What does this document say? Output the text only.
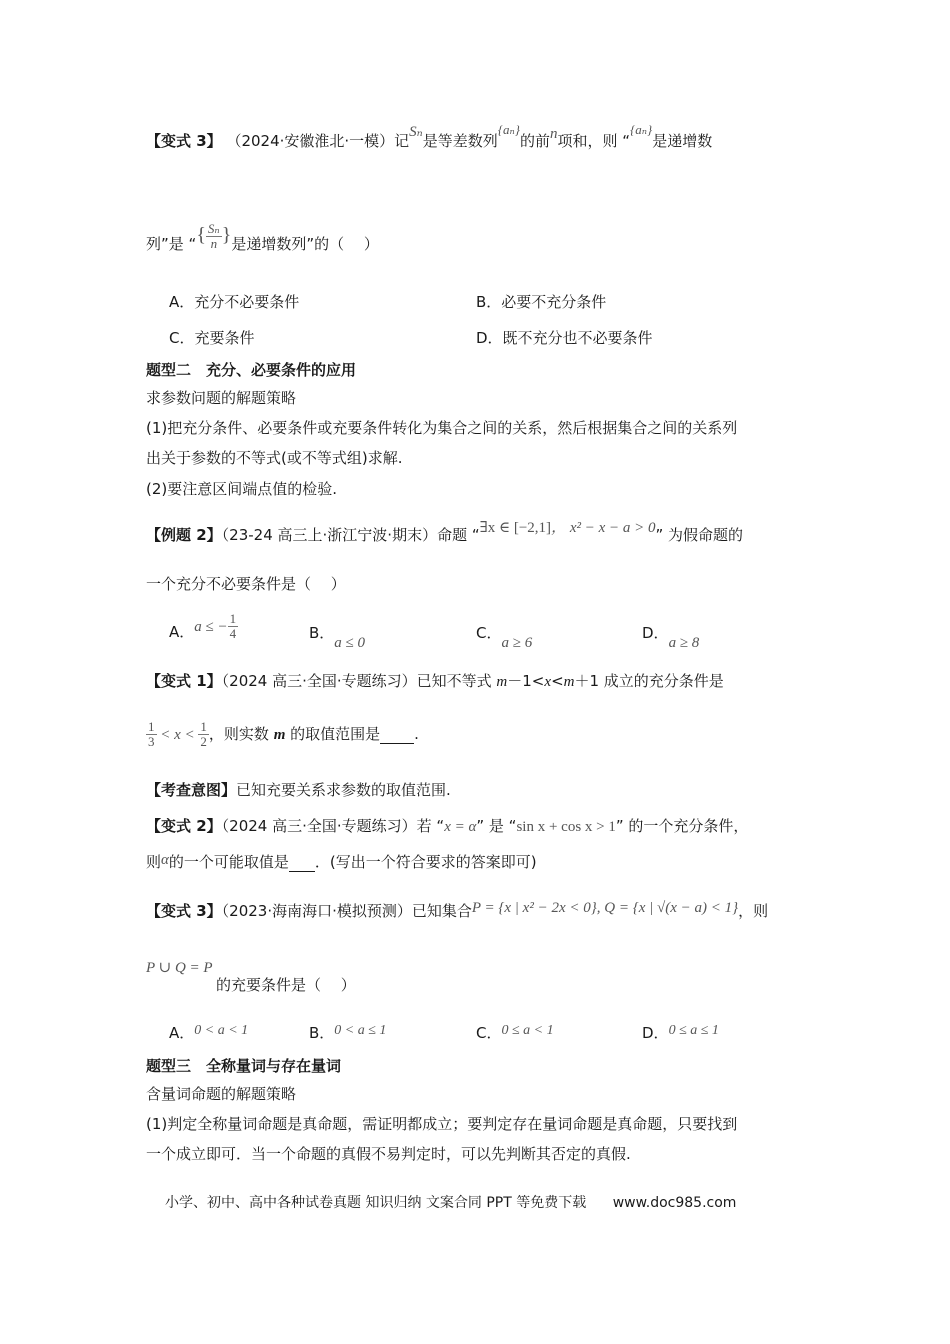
【变式 3】 （2024·安徽淮北·一模）记Sₙ是等差数列{aₙ}的前n项和，则 “{aₙ}是递增数
列”是 “{ $\frac{\text{Sₙ}}{n}$ }是递增数列”的（　 ）
A．充分不必要条件	B．必要不充分条件
C．充要条件	D．既不充分也不必要条件
题型二　充分、必要条件的应用
求参数问题的解题策略
(1)把充分条件、必要条件或充要条件转化为集合之间的关系，然后根据集合之间的关系列
出关于参数的不等式(或不等式组)求解.
(2)要注意区间端点值的检验.
【例题 2】（23-24 高三上·浙江宁波·期末）命题 “∃x ∈ [−2,1]， x² − x − a > 0” 为假命题的
一个充分不必要条件是（　 ）
A．a ≤ − $\frac{1}{4}$	B．a ≤ 0
C．a ≥ 6
D．a ≥ 8
【变式 1】（2024 高三·全国·专题练习）已知不等式 m－1<x<m＋1 成立的充分条件是
$\frac{1}{3} < x < \frac{1}{2}$ ，则实数 m 的取值范围是 .
【考查意图】已知充要关系求参数的取值范围.
【变式 2】（2024 高三·全国·专题练习）若 “x = α” 是 “sin x + cos x > 1” 的一个充分条件，
则α的一个可能取值是 ．(写出一个符合要求的答案即可)
【变式 3】（2023·海南海口·模拟预测）已知集合P = {x | x² − 2x < 0}, Q = {x | √(x − a) < 1}，则
P ∪ Q = P
的充要条件是（　 ）
A．0 < a < 1	B．0 < a ≤ 1	C．0 ≤ a < 1	D．0 ≤ a ≤ 1
题型三　全称量词与存在量词
含量词命题的解题策略
(1)判定全称量词命题是真命题，需证明都成立；要判定存在量词命题是真命题，只要找到
一个成立即可．当一个命题的真假不易判定时，可以先判断其否定的真假.
小学、初中、高中各种试卷真题 知识归纳 文案合同 PPT 等免费下载 www.doc985.com
